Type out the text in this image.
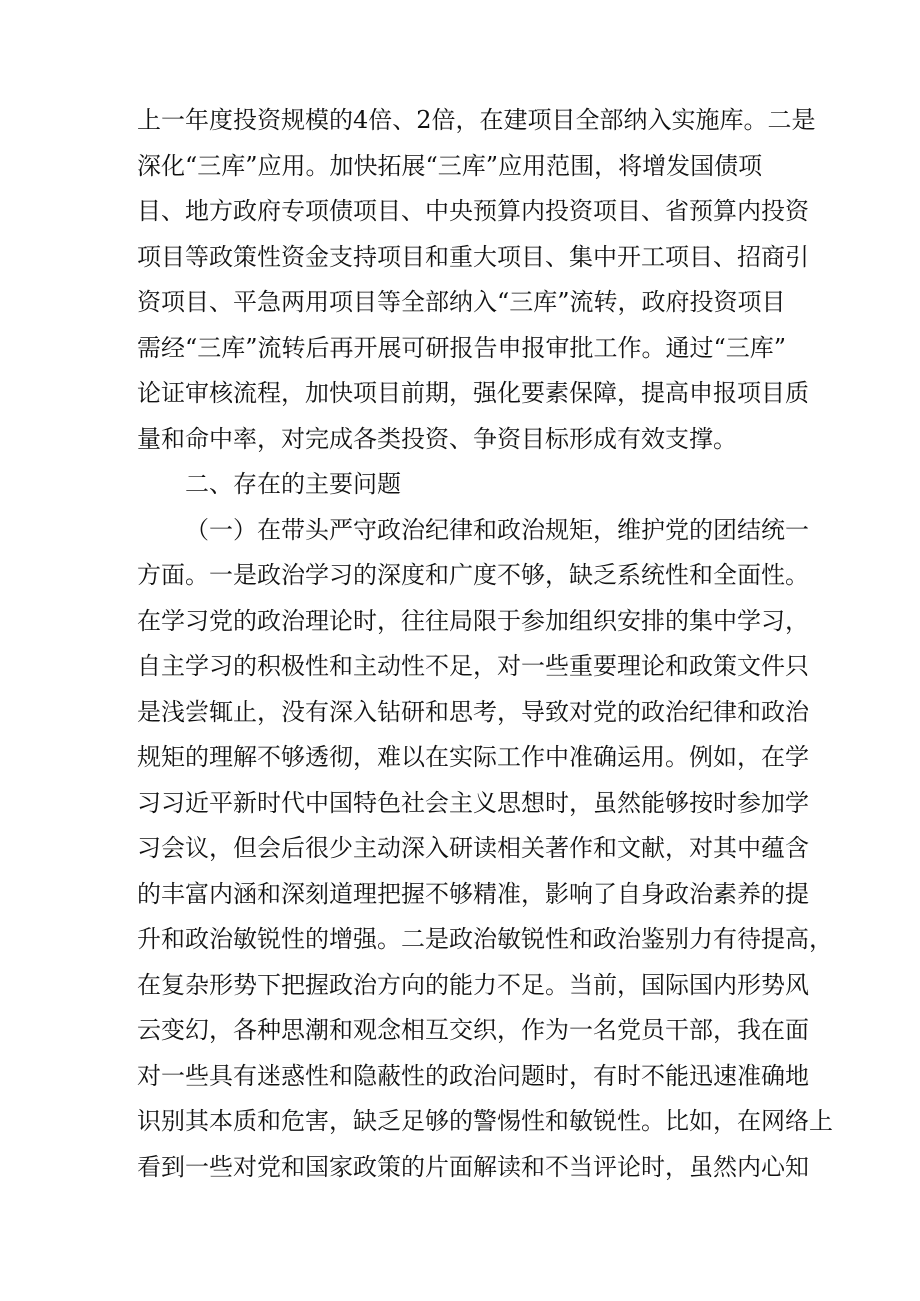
上一年度投资规模的4倍、2倍，在建项目全部纳入实施库。二是
深化“三库”应用。加快拓展“三库”应用范围，将增发国债项
目、地方政府专项债项目、中央预算内投资项目、省预算内投资
项目等政策性资金支持项目和重大项目、集中开工项目、招商引
资项目、平急两用项目等全部纳入“三库”流转，政府投资项目
需经“三库”流转后再开展可研报告申报审批工作。通过“三库”
论证审核流程，加快项目前期，强化要素保障，提高申报项目质
量和命中率，对完成各类投资、争资目标形成有效支撑。
二、存在的主要问题
（一）在带头严守政治纪律和政治规矩，维护党的团结统一
方面。一是政治学习的深度和广度不够，缺乏系统性和全面性。
在学习党的政治理论时，往往局限于参加组织安排的集中学习，
自主学习的积极性和主动性不足，对一些重要理论和政策文件只
是浅尝辄止，没有深入钻研和思考，导致对党的政治纪律和政治
规矩的理解不够透彻，难以在实际工作中准确运用。例如，在学
习习近平新时代中国特色社会主义思想时，虽然能够按时参加学
习会议，但会后很少主动深入研读相关著作和文献，对其中蕴含
的丰富内涵和深刻道理把握不够精准，影响了自身政治素养的提
升和政治敏锐性的增强。二是政治敏锐性和政治鉴别力有待提高，
在复杂形势下把握政治方向的能力不足。当前，国际国内形势风
云变幻，各种思潮和观念相互交织，作为一名党员干部，我在面
对一些具有迷惑性和隐蔽性的政治问题时，有时不能迅速准确地
识别其本质和危害，缺乏足够的警惕性和敏锐性。比如，在网络上
看到一些对党和国家政策的片面解读和不当评论时，虽然内心知
